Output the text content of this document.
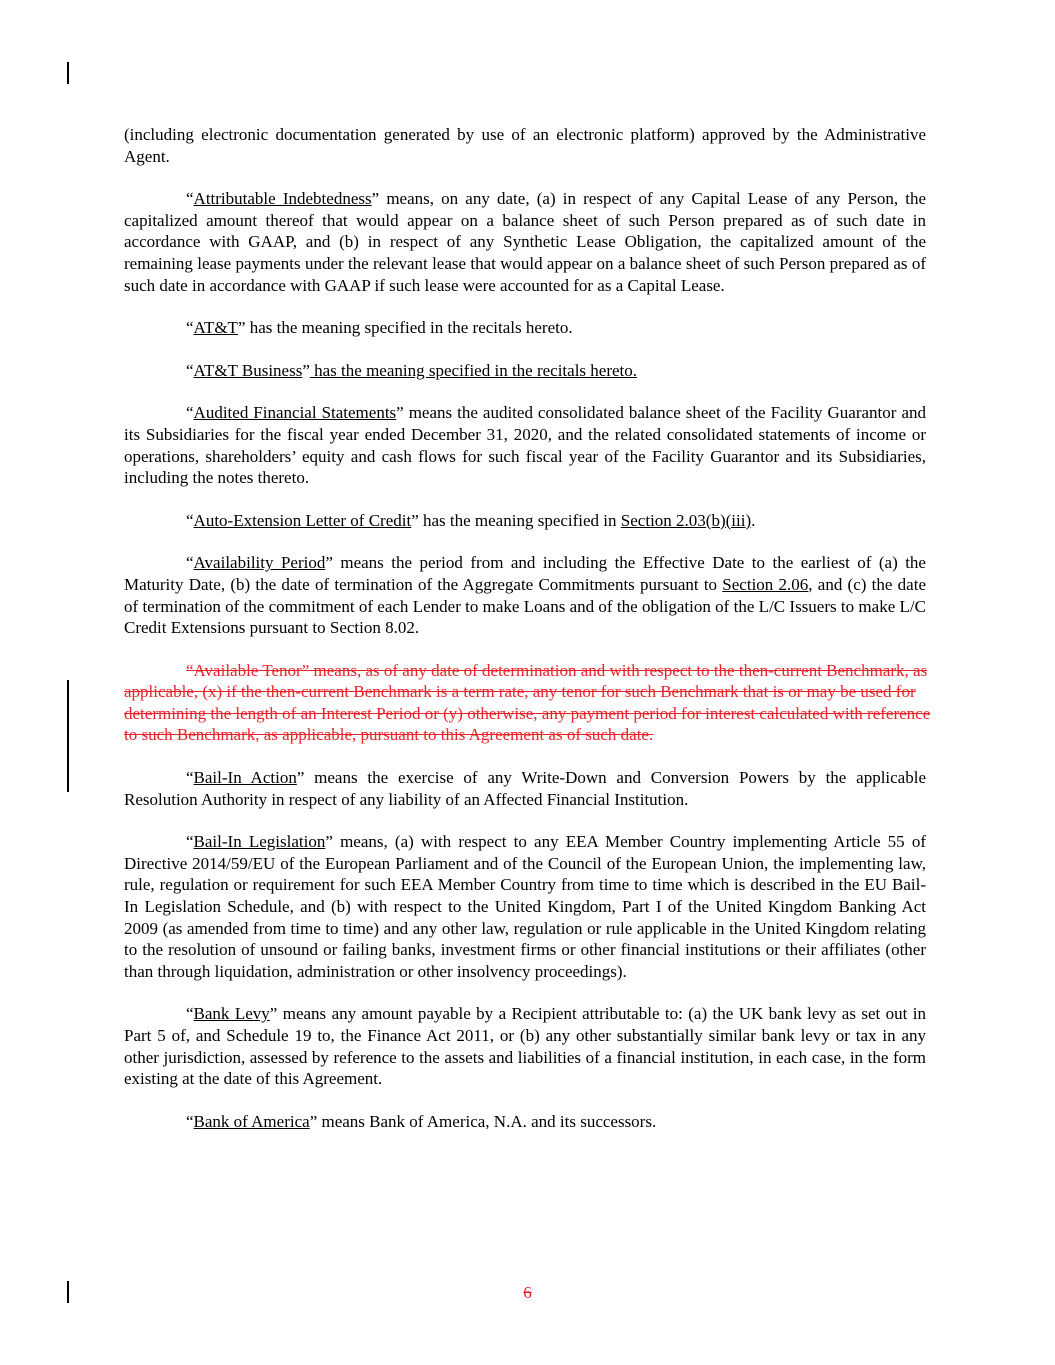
(including electronic documentation generated by use of an electronic platform) approved by the Administrative Agent.

“Attributable Indebtedness” means, on any date, (a) in respect of any Capital Lease of any Person, the capitalized amount thereof that would appear on a balance sheet of such Person prepared as of such date in accordance with GAAP, and (b) in respect of any Synthetic Lease Obligation, the capitalized amount of the remaining lease payments under the relevant lease that would appear on a balance sheet of such Person prepared as of such date in accordance with GAAP if such lease were accounted for as a Capital Lease.

“AT&T” has the meaning specified in the recitals hereto.

“AT&T Business” has the meaning specified in the recitals hereto.

“Audited Financial Statements” means the audited consolidated balance sheet of the Facility Guarantor and its Subsidiaries for the fiscal year ended December 31, 2020, and the related consolidated statements of income or operations, shareholders’ equity and cash flows for such fiscal year of the Facility Guarantor and its Subsidiaries, including the notes thereto.

“Auto-Extension Letter of Credit” has the meaning specified in Section 2.03(b)(iii).

“Availability Period” means the period from and including the Effective Date to the earliest of (a) the Maturity Date, (b) the date of termination of the Aggregate Commitments pursuant to Section 2.06, and (c) the date of termination of the commitment of each Lender to make Loans and of the obligation of the L/C Issuers to make L/C Credit Extensions pursuant to Section 8.02.

“Available Tenor” means, as of any date of determination and with respect to the then-current Benchmark, as applicable, (x) if the then-current Benchmark is a term rate, any tenor for such Benchmark that is or may be used for determining the length of an Interest Period or (y) otherwise, any payment period for interest calculated with reference to such Benchmark, as applicable, pursuant to this Agreement as of such date.

“Bail-In Action” means the exercise of any Write-Down and Conversion Powers by the applicable Resolution Authority in respect of any liability of an Affected Financial Institution.

“Bail-In Legislation” means, (a) with respect to any EEA Member Country implementing Article 55 of Directive 2014/59/EU of the European Parliament and of the Council of the European Union, the implementing law, rule, regulation or requirement for such EEA Member Country from time to time which is described in the EU Bail-In Legislation Schedule, and (b) with respect to the United Kingdom, Part I of the United Kingdom Banking Act 2009 (as amended from time to time) and any other law, regulation or rule applicable in the United Kingdom relating to the resolution of unsound or failing banks, investment firms or other financial institutions or their affiliates (other than through liquidation, administration or other insolvency proceedings).

“Bank Levy” means any amount payable by a Recipient attributable to: (a) the UK bank levy as set out in Part 5 of, and Schedule 19 to, the Finance Act 2011, or (b) any other substantially similar bank levy or tax in any other jurisdiction, assessed by reference to the assets and liabilities of a financial institution, in each case, in the form existing at the date of this Agreement.

“Bank of America” means Bank of America, N.A. and its successors.

6
